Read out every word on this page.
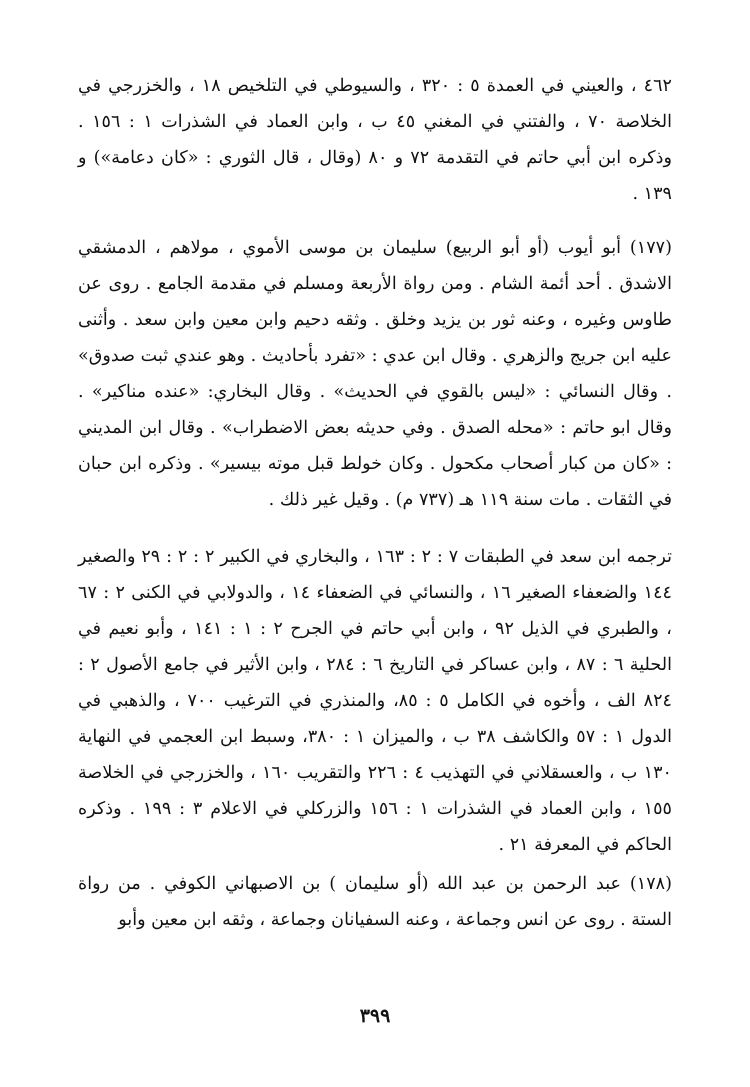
٤٦٢ ، والعيني في العمدة ٥ : ٣٢٠ ، والسيوطي في التلخيص ١٨ ، والخزرجي في الخلاصة ٧٠ ، والفتني في المغني ٤٥ ب ، وابن العماد في الشذرات ١ : ١٥٦ . وذكره ابن أبي حاتم في التقدمة ٧٢ و ٨٠ (وقال ، قال الثوري : «كان دعامة») و ١٣٩ .

(١٧٧) أبو أيوب (أو أبو الربيع) سليمان بن موسى الأموي ، مولاهم ، الدمشقي الاشدق . أحد أئمة الشام . ومن رواة الأربعة ومسلم في مقدمة الجامع . روى عن طاوس وغيره ، وعنه ثور بن يزيد وخلق . وثقه دحيم وابن معين وابن سعد . وأثنى عليه ابن جريج والزهري . وقال ابن عدي : «تفرد بأحاديث . وهو عندي ثبت صدوق» . وقال النسائي : «ليس بالقوي في الحديث» . وقال البخاري: «عنده مناكير» . وقال ابو حاتم : «محله الصدق . وفي حديثه بعض الاضطراب» . وقال ابن المديني : «كان من كبار أصحاب مكحول . وكان خولط قبل موته بيسير» . وذكره ابن حبان في الثقات . مات سنة ١١٩ هـ (٧٣٧ م) . وقيل غير ذلك .

ترجمه ابن سعد في الطبقات ٧ : ٢ : ١٦٣ ، والبخاري في الكبير ٢ : ٢ : ٢٩ والصغير ١٤٤ والضعفاء الصغير ١٦ ، والنسائي في الضعفاء ١٤ ، والدولابي في الكنى ٢ : ٦٧ ، والطبري في الذيل ٩٢ ، وابن أبي حاتم في الجرح ٢ : ١ : ١٤١ ، وأبو نعيم في الحلية ٦ : ٨٧ ، وابن عساكر في التاريخ ٦ : ٢٨٤ ، وابن الأثير في جامع الأصول ٢ : ٨٢٤ الف ، وأخوه في الكامل ٥ : ٨٥، والمنذري في الترغيب ٧٠٠ ، والذهبي في الدول ١ : ٥٧ والكاشف ٣٨ ب ، والميزان ١ : ٣٨٠، وسبط ابن العجمي في النهاية ١٣٠ ب ، والعسقلاني في التهذيب ٤ : ٢٢٦ والتقريب ١٦٠ ، والخزرجي في الخلاصة ١٥٥ ، وابن العماد في الشذرات ١ : ١٥٦ والزركلي في الاعلام ٣ : ١٩٩ . وذكره الحاكم في المعرفة ٢١ .

(١٧٨) عبد الرحمن بن عبد الله (أو سليمان ) بن الاصبهاني الكوفي . من رواة الستة . روى عن انس وجماعة ، وعنه السفيانان وجماعة ، وثقه ابن معين وأبو

٣٩٩
